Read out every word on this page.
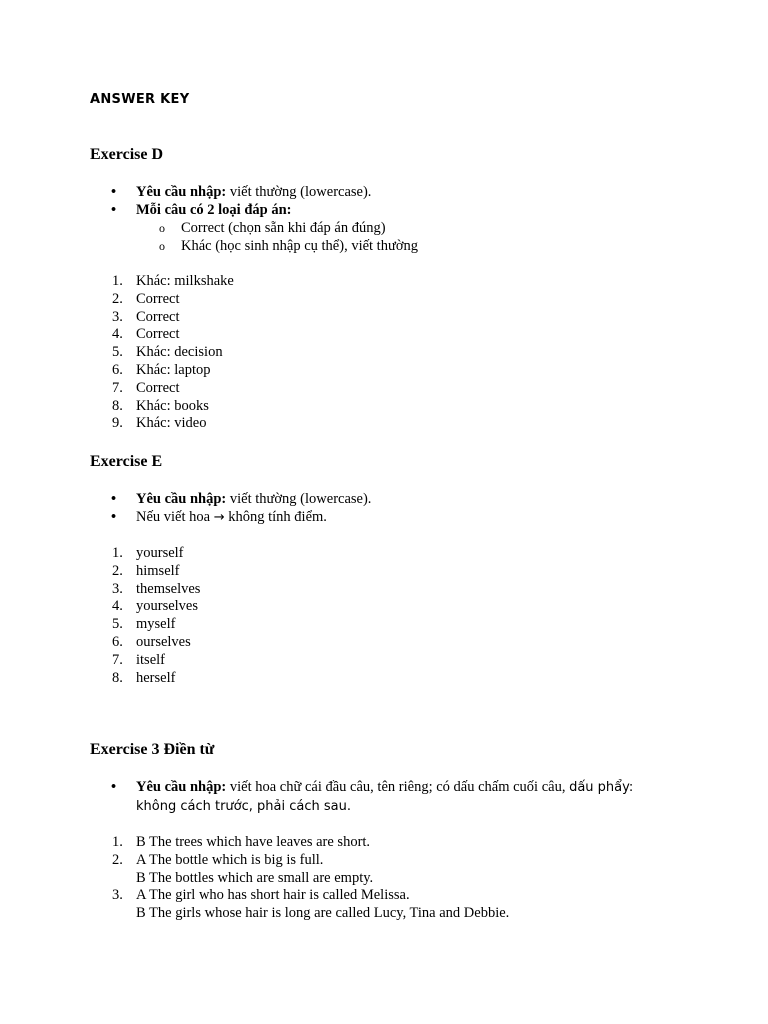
ANSWER KEY
Exercise D
• Yêu cầu nhập: viết thường (lowercase).
• Mỗi câu có 2 loại đáp án:
o Correct (chọn sẵn khi đáp án đúng)
o Khác (học sinh nhập cụ thể), viết thường
1. Khác: milkshake
2. Correct
3. Correct
4. Correct
5. Khác: decision
6. Khác: laptop
7. Correct
8. Khác: books
9. Khác: video
Exercise E
• Yêu cầu nhập: viết thường (lowercase).
• Nếu viết hoa → không tính điểm.
1. yourself
2. himself
3. themselves
4. yourselves
5. myself
6. ourselves
7. itself
8. herself
Exercise 3 Điền từ
• Yêu cầu nhập: viết hoa chữ cái đầu câu, tên riêng; có dấu chấm cuối câu, dấu phẩy: không cách trước, phải cách sau.
1. B The trees which have leaves are short.
2. A The bottle which is big is full.
B The bottles which are small are empty.
3. A The girl who has short hair is called Melissa.
B The girls whose hair is long are called Lucy, Tina and Debbie.
